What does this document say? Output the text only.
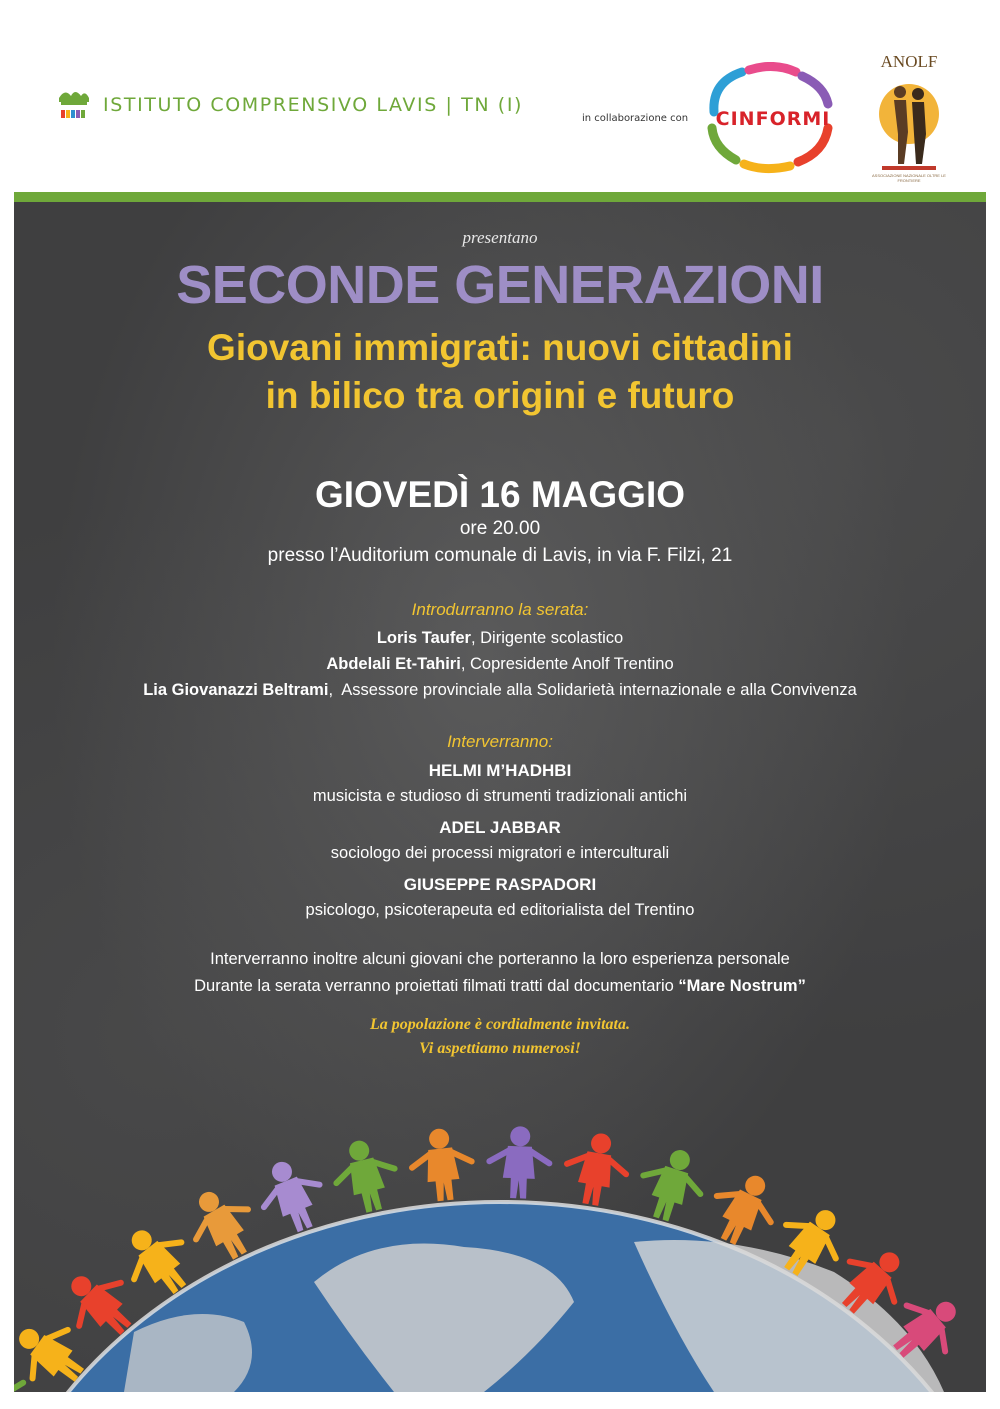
ISTITUTO COMPRENSIVO LAVIS | TN (I)
in collaborazione con	CINFORMI
ANOLF
ASSOCIAZIONE NAZIONALE OLTRE LE FRONTIERE
presentano
SECONDE GENERAZIONI
Giovani immigrati: nuovi cittadini
in bilico tra origini e futuro
GIOVEDÌ 16 MAGGIO
ore 20.00
presso l’Auditorium comunale di Lavis, in via F. Filzi, 21
Introdurranno la serata:
Loris Taufer, Dirigente scolastico
Abdelali Et-Tahiri, Copresidente Anolf Trentino
Lia Giovanazzi Beltrami,  Assessore provinciale alla Solidarietà internazionale e alla Convivenza
Interverranno:
HELMI M’HADHBI
musicista e studioso di strumenti tradizionali antichi
ADEL JABBAR
sociologo dei processi migratori e interculturali
GIUSEPPE RASPADORI
psicologo, psicoterapeuta ed editorialista del Trentino
Interverranno inoltre alcuni giovani che porteranno la loro esperienza personale
Durante la serata verranno proiettati filmati tratti dal documentario “Mare Nostrum”
La popolazione è cordialmente invitata.
Vi aspettiamo numerosi!
